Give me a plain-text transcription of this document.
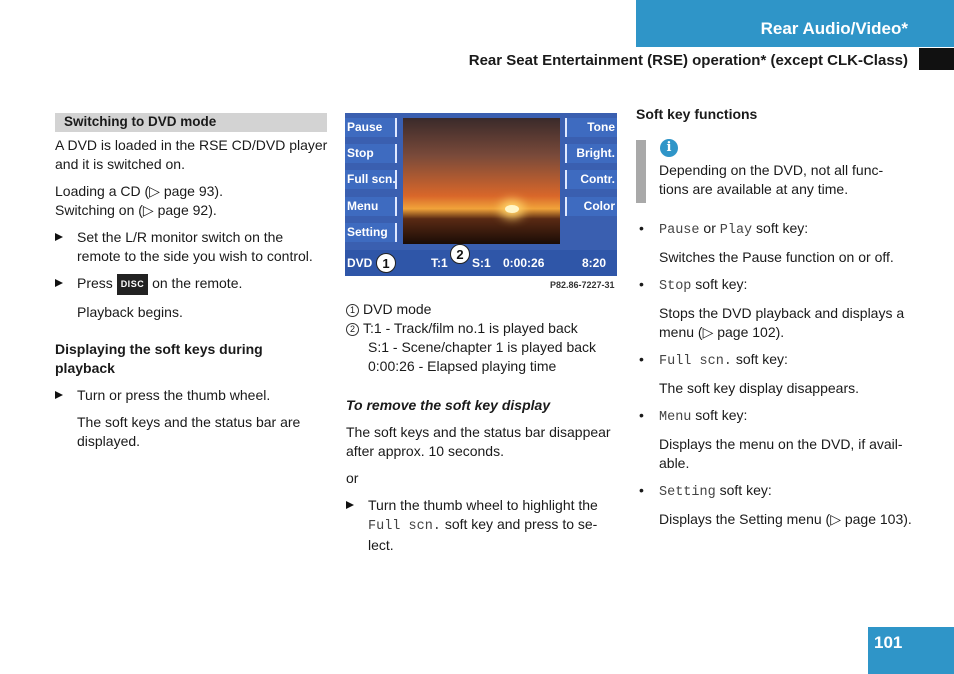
Rear Audio/Video*
Rear Seat Entertainment (RSE) operation* (except CLK-Class)
Switching to DVD mode

A DVD is loaded in the RSE CD/DVD player and it is switched on.

Loading a CD (▷ page 93).

Switching on (▷ page 92).

Set the L/R monitor switch on the remote to the side you wish to control.

Press DISC on the remote.

Playback begins.

Displaying the soft keys during playback

Turn or press the thumb wheel.

The soft keys and the status bar are displayed.

Pause
Stop
Full scn.
Menu
Setting
Tone
Bright.
Contr.
Color
DVD 1	T:1
2
S:1 0:00:26	8:20
P82.86-7227-31

1 DVD mode

2 T:1 - Track/film no.1 is played back

S:1 - Scene/chapter 1 is played back

0:00:26 - Elapsed playing time

To remove the soft key display

The soft keys and the status bar disappear after approx. 10 seconds.

or

Turn the thumb wheel to highlight the Full scn. soft key and press to se-lect.

Soft key functions
i

Depending on the DVD, not all func-tions are available at any time.

• Pause or Play soft key:

Switches the Pause function on or off.

• Stop soft key:

Stops the DVD playback and displays a menu (▷ page 102).

• Full scn. soft key:

The soft key display disappears.

• Menu soft key:

Displays the menu on the DVD, if avail-able.

• Setting soft key:

Displays the Setting menu (▷ page 103).

101
